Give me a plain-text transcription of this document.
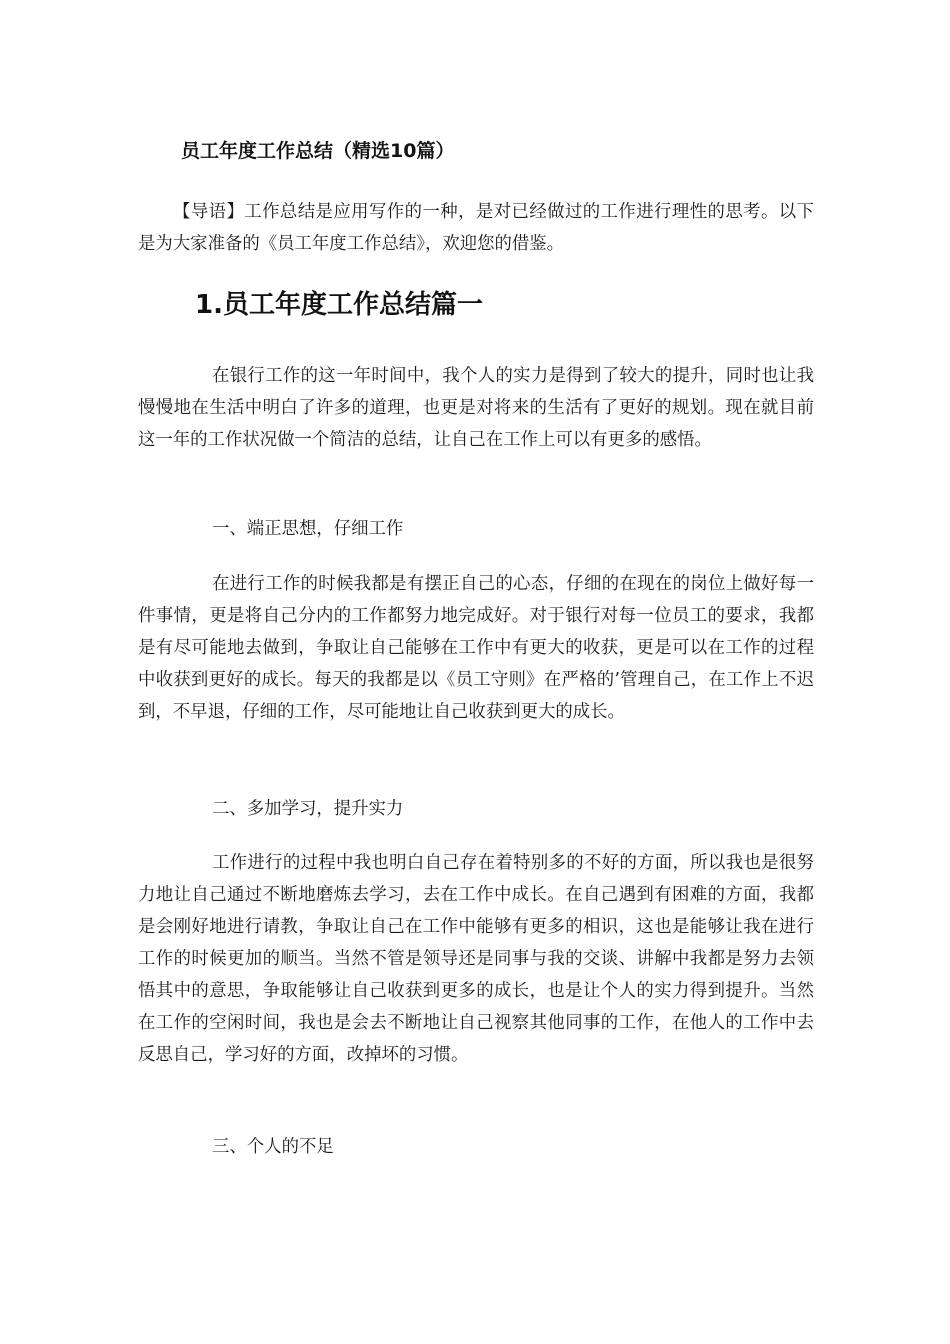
员工年度工作总结（精选10篇）

【导语】工作总结是应用写作的一种，是对已经做过的工作进行理性的思考。以下是为大家准备的《员工年度工作总结》，欢迎您的借鉴。

1.员工年度工作总结篇一

在银行工作的这一年时间中，我个人的实力是得到了较大的提升，同时也让我慢慢地在生活中明白了许多的道理，也更是对将来的生活有了更好的规划。现在就目前这一年的工作状况做一个简洁的总结，让自己在工作上可以有更多的感悟。

一、端正思想，仔细工作

在进行工作的时候我都是有摆正自己的心态，仔细的在现在的岗位上做好每一件事情，更是将自己分内的工作都努力地完成好。对于银行对每一位员工的要求，我都是有尽可能地去做到，争取让自己能够在工作中有更大的收获，更是可以在工作的过程中收获到更好的成长。每天的我都是以《员工守则》在严格的’管理自己，在工作上不迟到，不早退，仔细的工作，尽可能地让自己收获到更大的成长。

二、多加学习，提升实力

工作进行的过程中我也明白自己存在着特别多的不好的方面，所以我也是很努力地让自己通过不断地磨炼去学习，去在工作中成长。在自己遇到有困难的方面，我都是会刚好地进行请教，争取让自己在工作中能够有更多的相识，这也是能够让我在进行工作的时候更加的顺当。当然不管是领导还是同事与我的交谈、讲解中我都是努力去领悟其中的意思，争取能够让自己收获到更多的成长，也是让个人的实力得到提升。当然在工作的空闲时间，我也是会去不断地让自己视察其他同事的工作，在他人的工作中去反思自己，学习好的方面，改掉坏的习惯。

三、个人的不足
